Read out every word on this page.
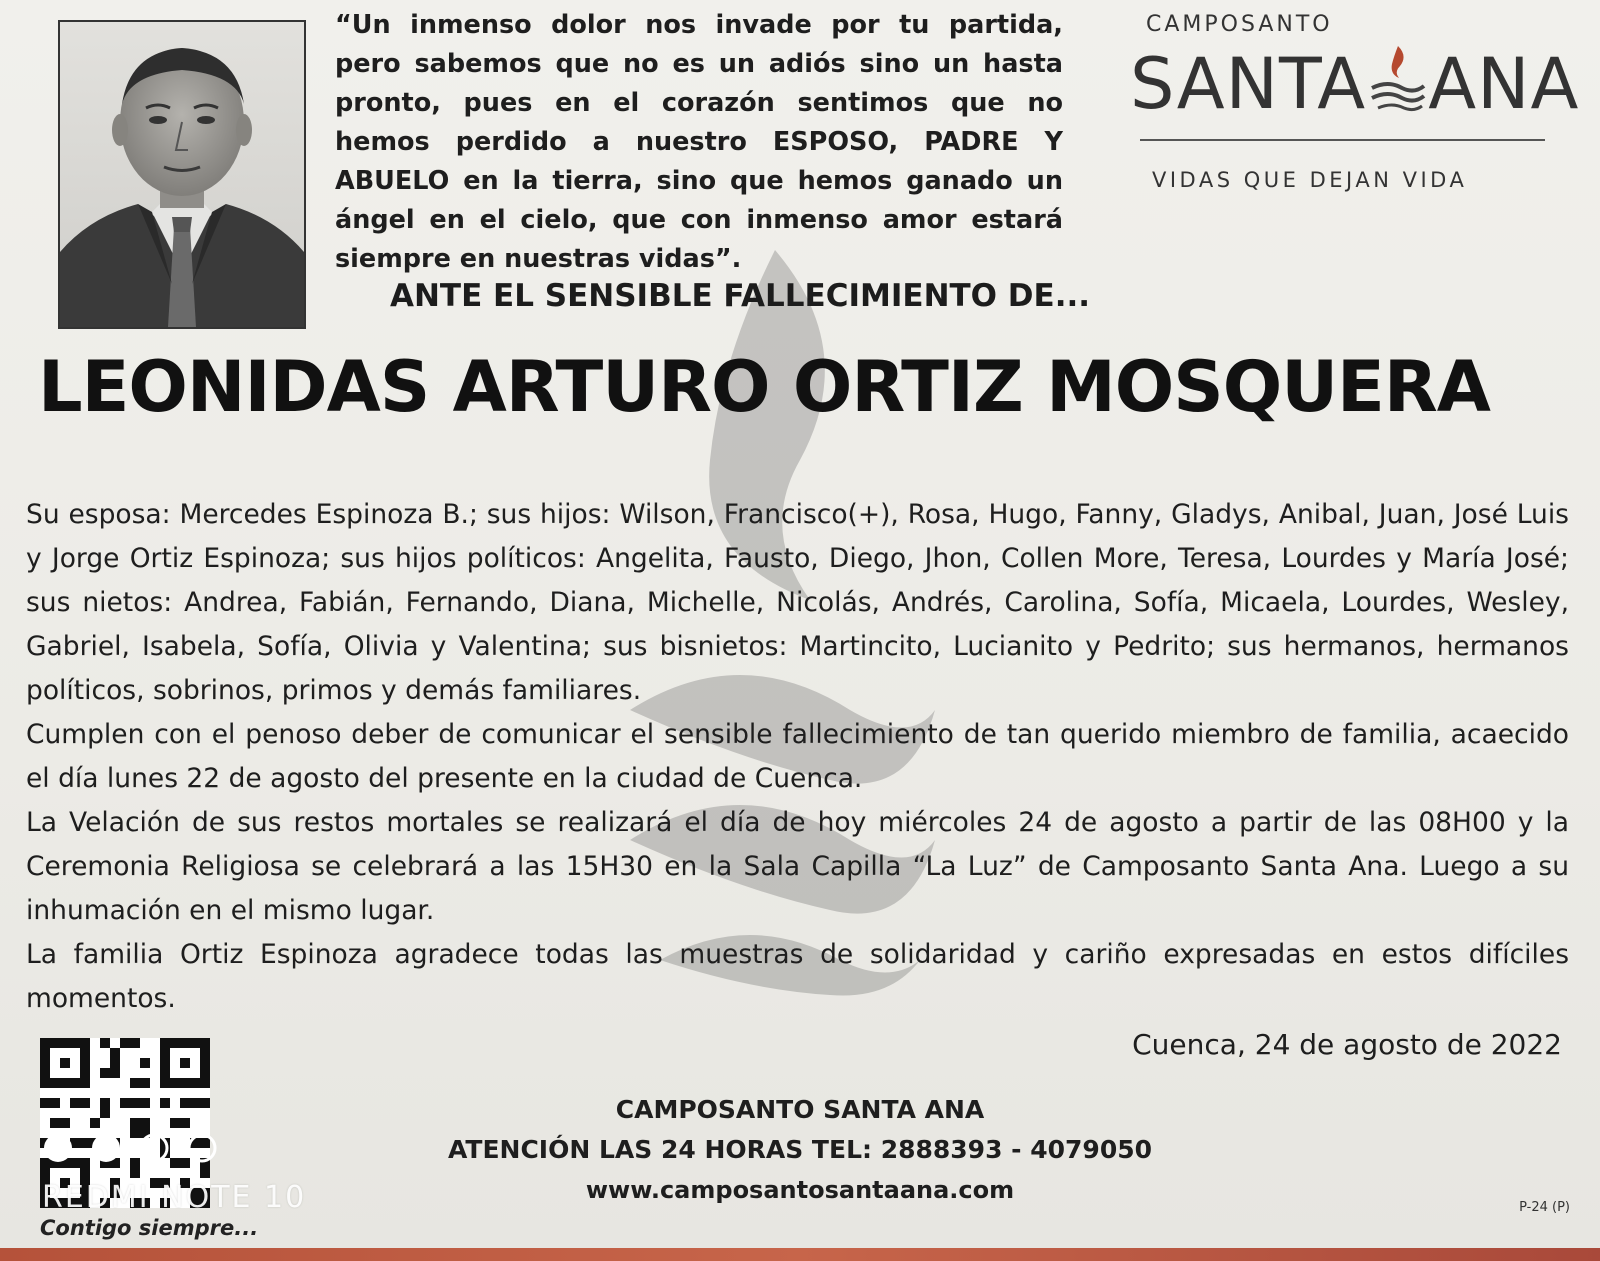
“Un inmenso dolor nos invade por tu partida, pero sabemos que no es un adiós sino un hasta pronto, pues en el corazón sentimos que no hemos perdido a nuestro ESPOSO, PADRE Y ABUELO en la tierra, sino que hemos ganado un ángel en el cielo, que con inmenso amor estará siempre en nuestras vidas”.
CAMPOSANTO
SANTA ANA
VIDAS QUE DEJAN VIDA
ANTE EL SENSIBLE FALLECIMIENTO DE...
LEONIDAS ARTURO ORTIZ MOSQUERA

Su esposa: Mercedes Espinoza B.; sus hijos: Wilson, Francisco(+), Rosa, Hugo, Fanny, Gladys, Anibal, Juan, José Luis y Jorge Ortiz Espinoza; sus hijos políticos: Angelita, Fausto, Diego, Jhon, Collen More, Teresa, Lourdes y María José; sus nietos: Andrea, Fabián, Fernando, Diana, Michelle, Nicolás, Andrés, Carolina, Sofía, Micaela, Lourdes, Wesley, Gabriel, Isabela, Sofía, Olivia y Valentina; sus bisnietos: Martincito, Lucianito y Pedrito; sus hermanos, hermanos políticos, sobrinos, primos y demás familiares.

Cumplen con el penoso deber de comunicar el sensible fallecimiento de tan querido miembro de familia, acaecido el día lunes 22 de agosto del presente en la ciudad de Cuenca.

La Velación de sus restos mortales se realizará el día de hoy miércoles 24 de agosto a partir de las 08H00 y la Ceremonia Religiosa se celebrará a las 15H30 en la Sala Capilla “La Luz” de Camposanto Santa Ana. Luego a su inhumación en el mismo lugar.

La familia Ortiz Espinoza agradece todas las muestras de solidaridad y cariño expresadas en estos difíciles momentos.

Cuenca, 24 de agosto de 2022
REDMI NOTE 10
Contigo siempre...
CAMPOSANTO SANTA ANA
ATENCIÓN LAS 24 HORAS TEL: 2888393 - 4079050
www.camposantosantaana.com
P-24 (P)
